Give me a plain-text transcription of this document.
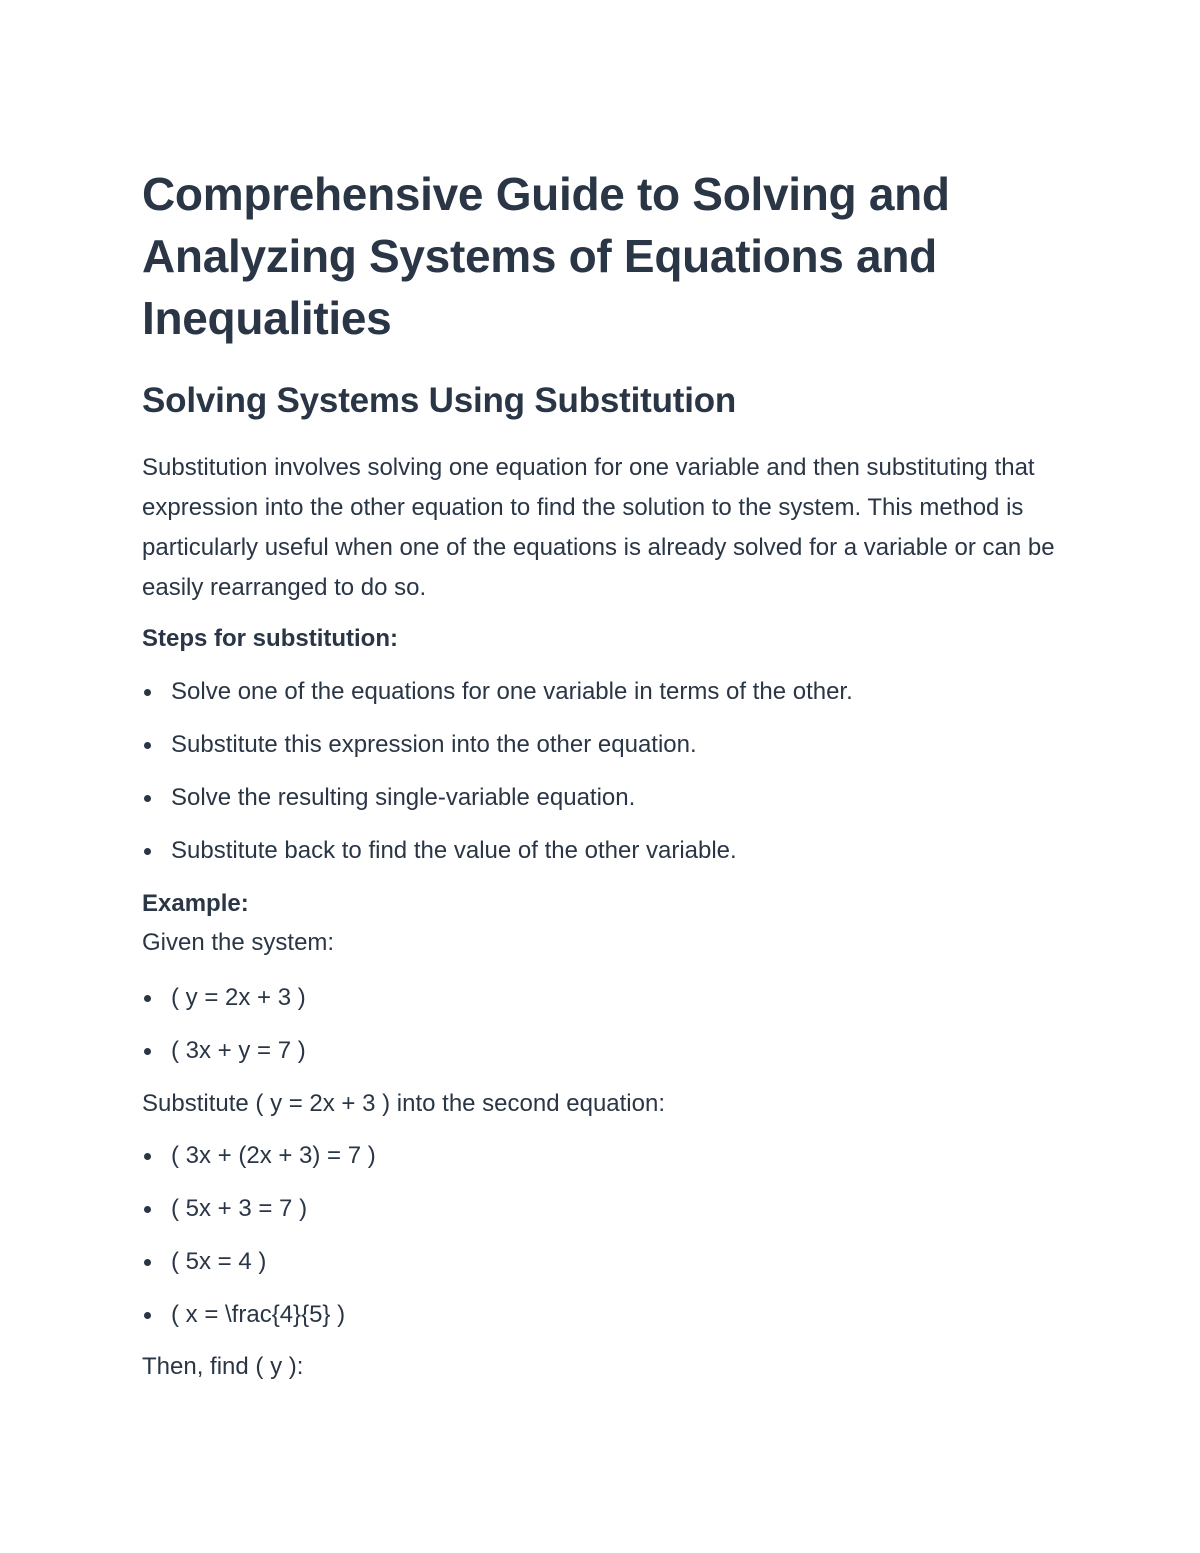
Comprehensive Guide to Solving and Analyzing Systems of Equations and Inequalities
Solving Systems Using Substitution

Substitution involves solving one equation for one variable and then substituting that expression into the other equation to find the solution to the system. This method is particularly useful when one of the equations is already solved for a variable or can be easily rearranged to do so.

Steps for substitution:

Solve one of the equations for one variable in terms of the other.
Substitute this expression into the other equation.
Solve the resulting single-variable equation.
Substitute back to find the value of the other variable.

Example:

Given the system:

( y = 2x + 3 )
( 3x + y = 7 )

Substitute ( y = 2x + 3 ) into the second equation:

( 3x + (2x + 3) = 7 )
( 5x + 3 = 7 )
( 5x = 4 )
( x = \frac{4}{5} )

Then, find ( y ):
